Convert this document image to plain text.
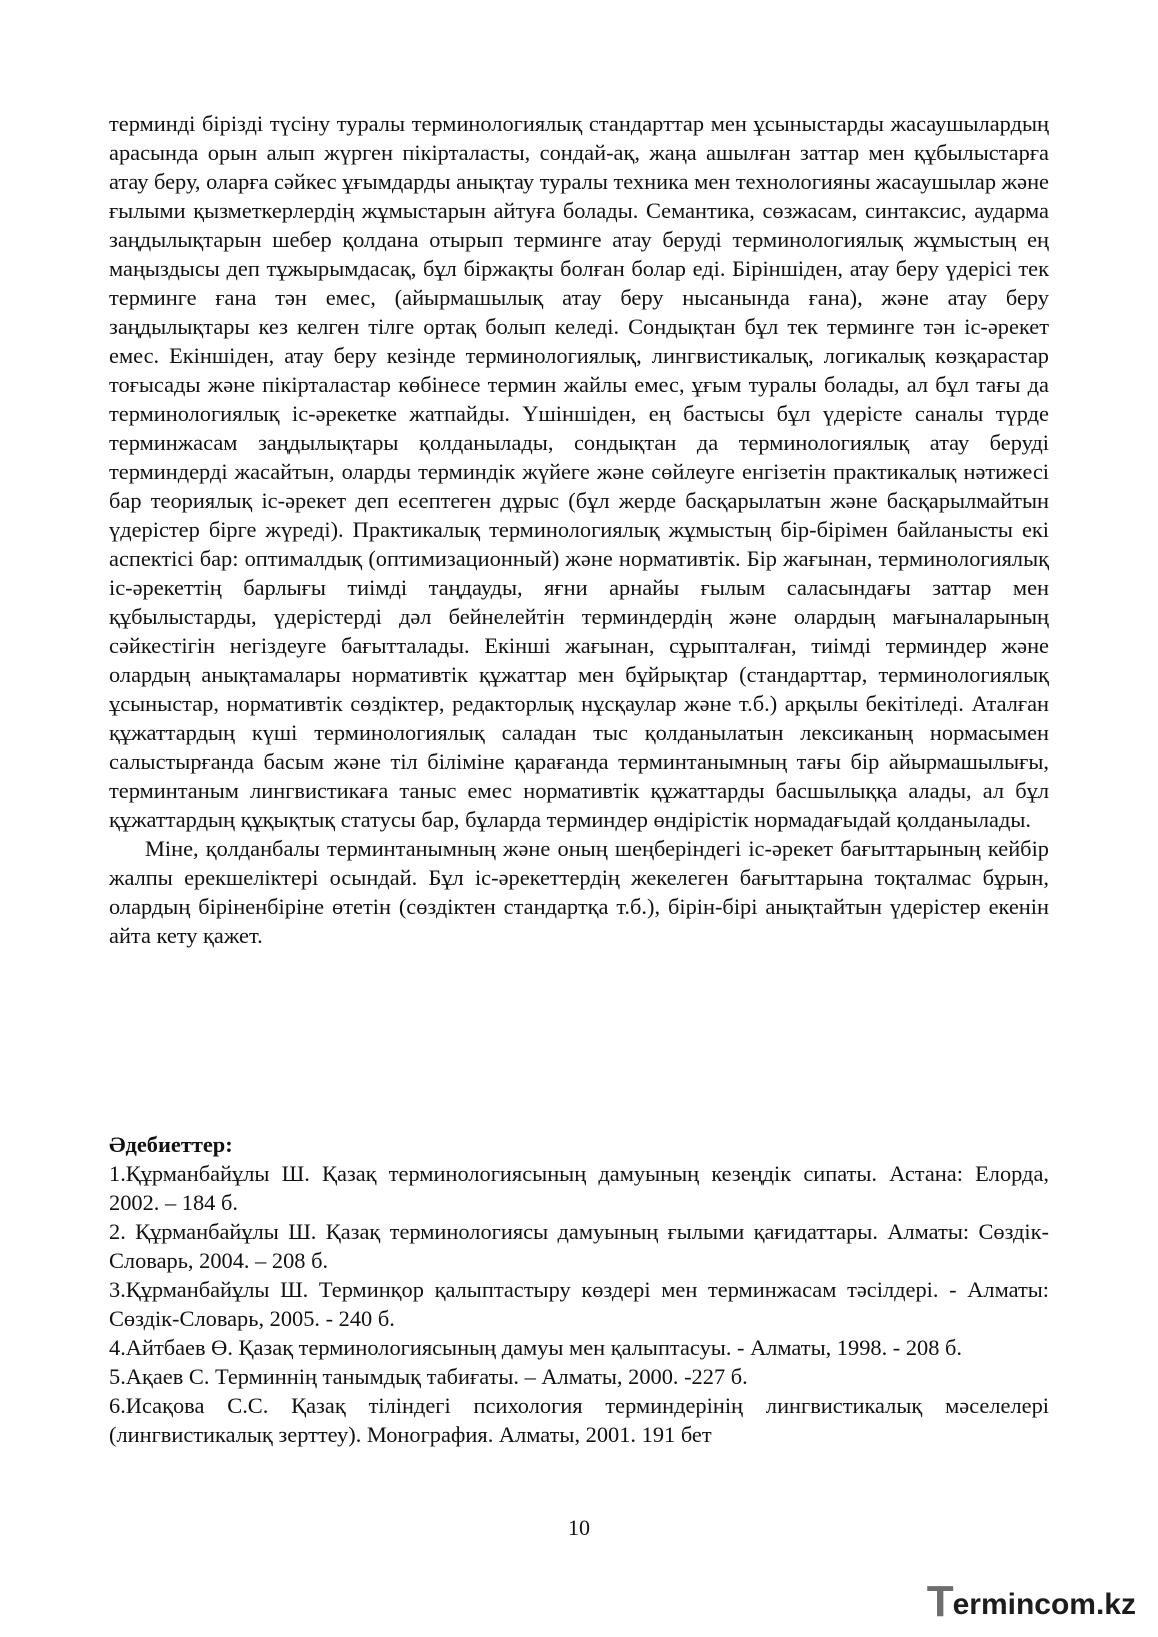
терминді бірізді түсіну туралы терминологиялық стандарттар мен ұсыныстарды жасаушылардың арасында орын алып жүрген пікірталасты, сондай-ақ, жаңа ашылған заттар мен құбылыстарға атау беру, оларға сәйкес ұғымдарды анықтау туралы техника мен технологияны жасаушылар және ғылыми қызметкерлердің жұмыстарын айтуға болады. Семантика, сөзжасам, синтаксис, аударма заңдылықтарын шебер қолдана отырып терминге атау беруді терминологиялық жұмыстың ең маңыздысы деп тұжырымдасақ, бұл біржақты болған болар еді. Біріншіден, атау беру үдерісі тек терминге ғана тән емес, (айырмашылық атау беру нысанында ғана), және атау беру заңдылықтары кез келген тілге ортақ болып келеді. Сондықтан бұл тек терминге тән іс-әрекет емес. Екіншіден, атау беру кезінде терминологиялық, лингвистикалық, логикалық көзқарастар тоғысады және пікірталастар көбінесе термин жайлы емес, ұғым туралы болады, ал бұл тағы да терминологиялық іс-әрекетке жатпайды. Үшіншіден, ең бастысы бұл үдерісте саналы түрде терминжасам заңдылықтары қолданылады, сондықтан да терминологиялық атау беруді терминдерді жасайтын, оларды терминдік жүйеге және сөйлеуге енгізетін практикалық нәтижесі бар теориялық іс-әрекет деп есептеген дұрыс (бұл жерде басқарылатын және басқарылмайтын үдерістер бірге жүреді). Практикалық терминологиялық жұмыстың бір-бірімен байланысты екі аспектісі бар: оптималдық (оптимизационный) және нормативтік. Бір жағынан, терминологиялық іс-әрекеттің барлығы тиімді таңдауды, яғни арнайы ғылым саласындағы заттар мен құбылыстарды, үдерістерді дәл бейнелейтін терминдердің және олардың мағыналарының сәйкестігін негіздеуге бағытталады. Екінші жағынан, сұрыпталған, тиімді терминдер және олардың анықтамалары нормативтік құжаттар мен бұйрықтар (стандарттар, терминологиялық ұсыныстар, нормативтік сөздіктер, редакторлық нұсқаулар және т.б.) арқылы бекітіледі. Аталған құжаттардың күші терминологиялық саладан тыс қолданылатын лексиканың нормасымен салыстырғанда басым және тіл біліміне қарағанда терминтанымның тағы бір айырмашылығы, терминтаным лингвистикаға таныс емес нормативтік құжаттарды басшылыққа алады, ал бұл құжаттардың құқықтық статусы бар, бұларда терминдер өндірістік нормадағыдай қолданылады.

Міне, қолданбалы терминтанымның және оның шеңберіндегі іс-әрекет бағыттарының кейбір жалпы ерекшеліктері осындай. Бұл іс-әрекеттердің жекелеген бағыттарына тоқталмас бұрын, олардың біріненбіріне өтетін (сөздіктен стандартқа т.б.), бірін-бірі анықтайтын үдерістер екенін айта кету қажет.

Әдебиеттер:

1.Құрманбайұлы Ш. Қазақ терминологиясының дамуының кезеңдік сипаты. Астана: Елорда, 2002. – 184 б.
2. Құрманбайұлы Ш. Қазақ терминологиясы дамуының ғылыми қағидаттары. Алматы: Сөздік-Словарь, 2004. – 208 б.
3.Құрманбайұлы Ш. Терминқор қалыптастыру көздері мен терминжасам тәсілдері. - Алматы: Сөздік-Словарь, 2005. - 240 б.
4.Айтбаев Ө. Қазақ терминологиясының дамуы мен қалыптасуы. - Алматы, 1998. - 208 б.
5.Ақаев С. Терминнің танымдық табиғаты. – Алматы, 2000. -227 б.
6.Исақова С.С. Қазақ тіліндегі психология терминдерінің лингвистикалық мәселелері (лингвистикалық зерттеу). Монография. Алматы, 2001. 191 бет
10
T ermincom.kz
